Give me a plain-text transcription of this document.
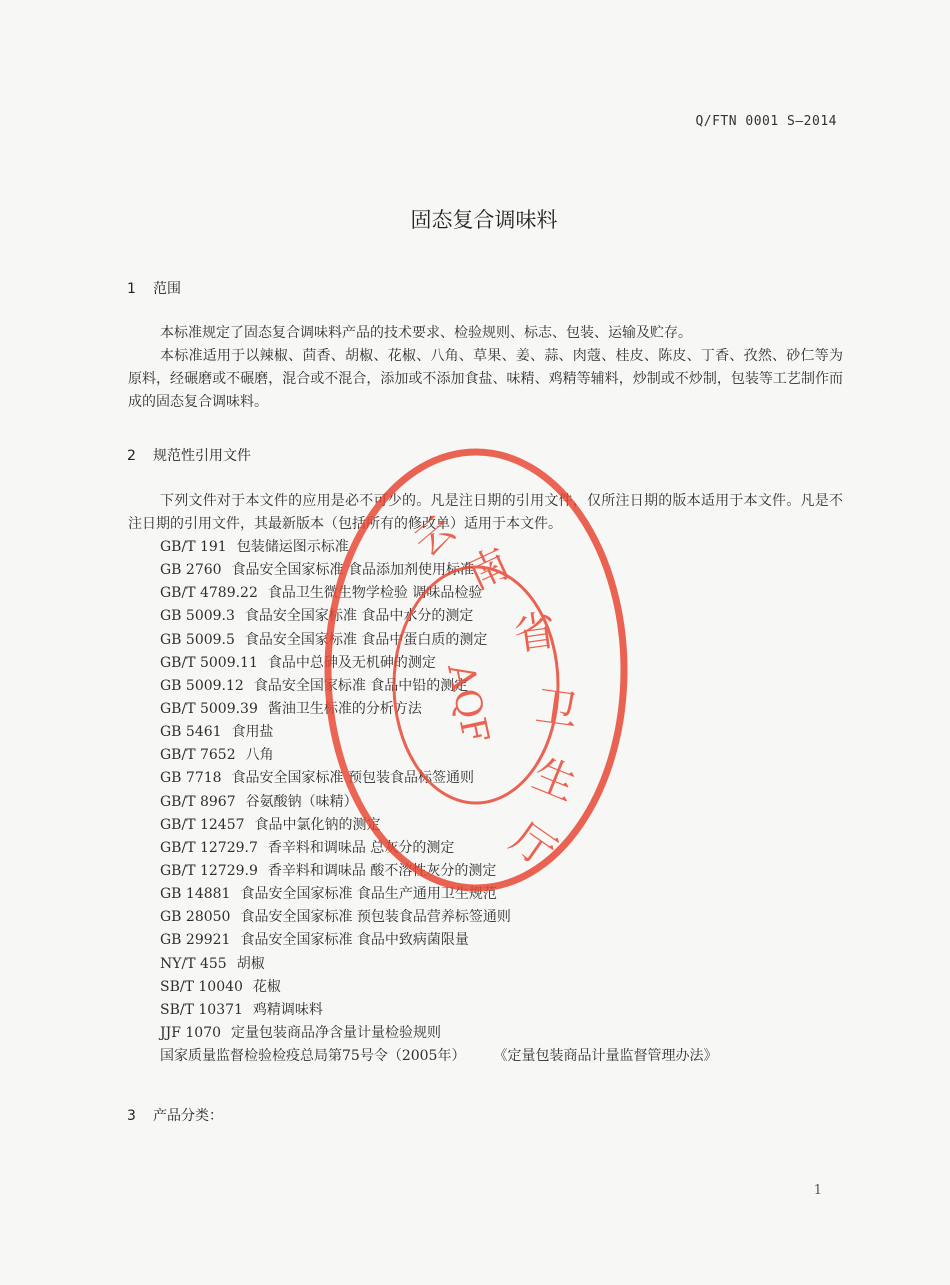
Q/FTN 0001 S—2014
固态复合调味料
1 范围

本标准规定了固态复合调味料产品的技术要求、检验规则、标志、包装、运输及贮存。

本标准适用于以辣椒、茴香、胡椒、花椒、八角、草果、姜、蒜、肉蔻、桂皮、陈皮、丁香、孜然、砂仁等为原料，经碾磨或不碾磨，混合或不混合，添加或不添加食盐、味精、鸡精等辅料，炒制或不炒制，包装等工艺制作而成的固态复合调味料。

2 规范性引用文件

下列文件对于本文件的应用是必不可少的。凡是注日期的引用文件，仅所注日期的版本适用于本文件。凡是不注日期的引用文件，其最新版本（包括所有的修改单）适用于本文件。

GB/T 191 包装储运图示标准
GB 2760 食品安全国家标准 食品添加剂使用标准
GB/T 4789.22 食品卫生微生物学检验 调味品检验
GB 5009.3 食品安全国家标准 食品中水分的测定
GB 5009.5 食品安全国家标准 食品中蛋白质的测定
GB/T 5009.11 食品中总砷及无机砷的测定
GB 5009.12 食品安全国家标准 食品中铅的测定
GB/T 5009.39 酱油卫生标准的分析方法
GB 5461 食用盐
GB/T 7652 八角
GB 7718 食品安全国家标准 预包装食品标签通则
GB/T 8967 谷氨酸钠（味精）
GB/T 12457 食品中氯化钠的测定
GB/T 12729.7 香辛料和调味品 总灰分的测定
GB/T 12729.9 香辛料和调味品 酸不溶性灰分的测定
GB 14881 食品安全国家标准 食品生产通用卫生规范
GB 28050 食品安全国家标准 预包装食品营养标签通则
GB 29921 食品安全国家标准 食品中致病菌限量
NY/T 455 胡椒
SB/T 10040 花椒
SB/T 10371 鸡精调味料
JJF 1070 定量包装商品净含量计量检验规则
国家质量监督检验检疫总局第75号令（2005年） 《定量包装商品计量监督管理办法》
3 产品分类：
1
云
南
省
卫
生
厅
AQF
